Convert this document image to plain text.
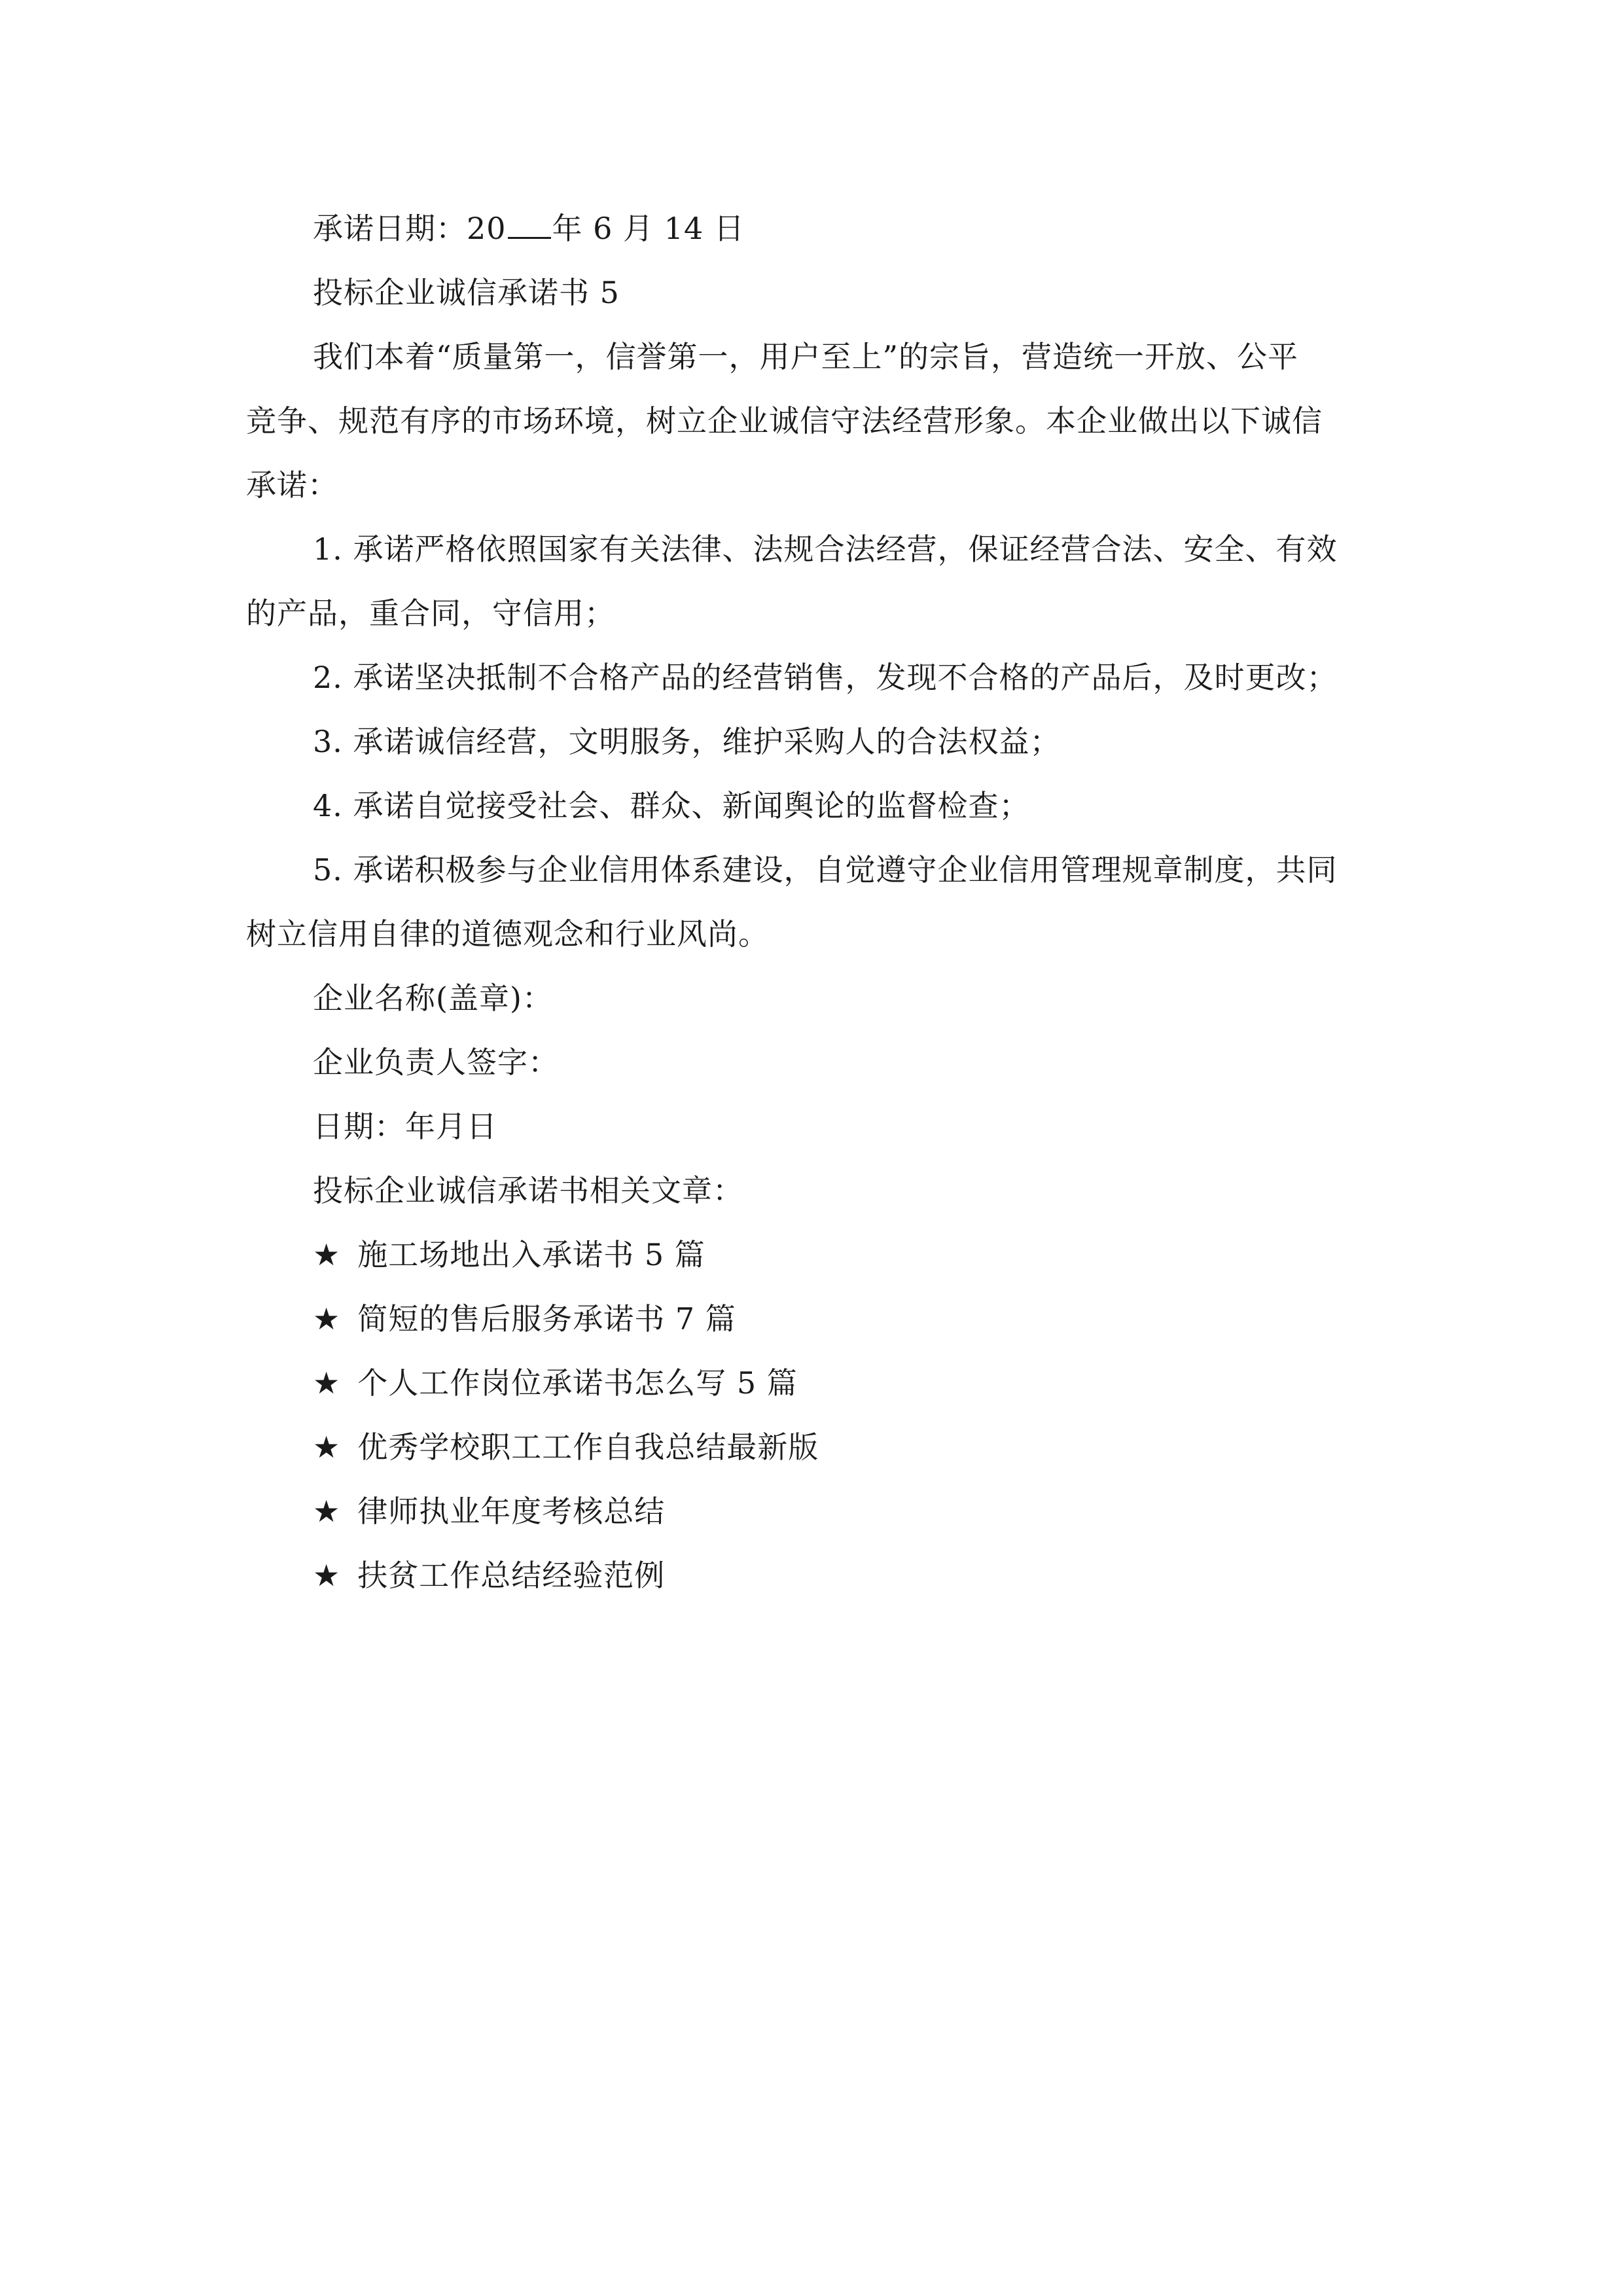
承诺日期：20 年 6 月 14 日
投标企业诚信承诺书 5
我们本着“质量第一，信誉第一，用户至上”的宗旨，营造统一开放、公平
竞争、规范有序的市场环境，树立企业诚信守法经营形象。本企业做出以下诚信
承诺：
1. 承诺严格依照国家有关法律、法规合法经营，保证经营合法、安全、有效
的产品，重合同，守信用；
2. 承诺坚决抵制不合格产品的经营销售，发现不合格的产品后，及时更改；
3. 承诺诚信经营，文明服务，维护采购人的合法权益；
4. 承诺自觉接受社会、群众、新闻舆论的监督检查；
5. 承诺积极参与企业信用体系建设，自觉遵守企业信用管理规章制度，共同
树立信用自律的道德观念和行业风尚。
企业名称(盖章)：
企业负责人签字：
日期：年月日
投标企业诚信承诺书相关文章：
★ 施工场地出入承诺书 5 篇
★ 简短的售后服务承诺书 7 篇
★ 个人工作岗位承诺书怎么写 5 篇
★ 优秀学校职工工作自我总结最新版
★ 律师执业年度考核总结
★ 扶贫工作总结经验范例
